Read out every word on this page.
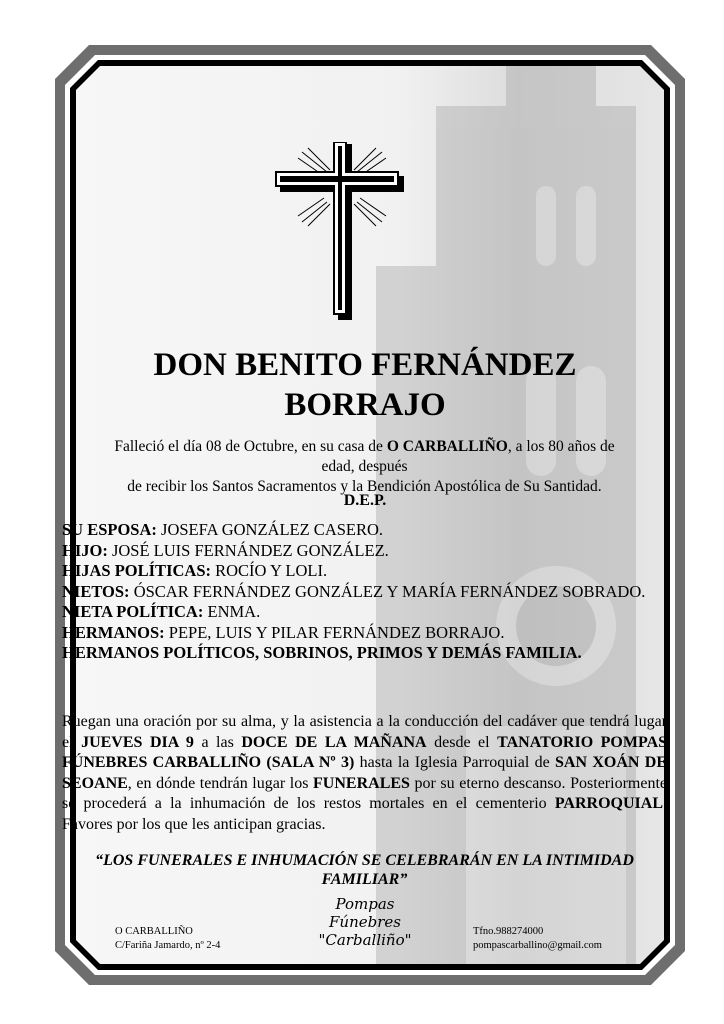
DON BENITO FERNÁNDEZ
BORRAJO
Falleció el día 08 de Octubre, en su casa de O CARBALLIÑO, a los 80 años de edad, después
de recibir los Santos Sacramentos y la Bendición Apostólica de Su Santidad.
D.E.P.
SU ESPOSA: JOSEFA GONZÁLEZ CASERO.
HIJO: JOSÉ LUIS FERNÁNDEZ GONZÁLEZ.
HIJAS POLÍTICAS: ROCÍO Y LOLI.
NIETOS: ÓSCAR FERNÁNDEZ GONZÁLEZ Y MARÍA FERNÁNDEZ SOBRADO.
NIETA POLÍTICA: ENMA.
HERMANOS: PEPE, LUIS Y PILAR FERNÁNDEZ BORRAJO.
HERMANOS POLÍTICOS, SOBRINOS, PRIMOS Y DEMÁS FAMILIA.
Ruegan una oración por su alma, y la asistencia a la conducción del cadáver que tendrá lugar el JUEVES DIA 9 a las DOCE DE LA MAÑANA desde el TANATORIO POMPAS FÚNEBRES CARBALLIÑO (SALA Nº 3) hasta la Iglesia Parroquial de SAN XOÁN DE SEOANE, en dónde tendrán lugar los FUNERALES por su eterno descanso. Posteriormente se procederá a la inhumación de los restos mortales en el cementerio PARROQUIAL. Favores por los que les anticipan gracias.
“LOS FUNERALES E INHUMACIÓN SE CELEBRARÁN EN LA INTIMIDAD FAMILIAR”
O CARBALLIÑO
C/Fariña Jamardo, nº 2-4
Pompas Fúnebres
"Carballiño"	Tfno.988274000
pompascarballino@gmail.com
